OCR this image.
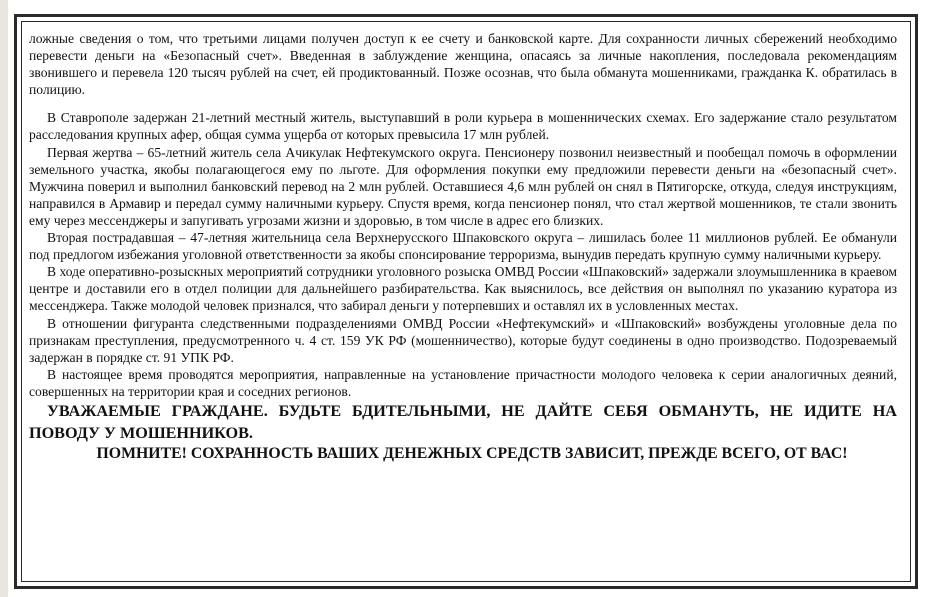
ложные сведения о том, что третьими лицами получен доступ к ее счету и банковской карте. Для сохранности личных сбережений необходимо перевести деньги на «Безопасный счет». Введенная в заблуждение женщина, опасаясь за личные накопления, последовала рекомендациям звонившего и перевела 120 тысяч рублей на счет, ей продиктованный. Позже осознав, что была обманута мошенниками, гражданка К. обратилась в полицию.

В Ставрополе задержан 21-летний местный житель, выступавший в роли курьера в мошеннических схемах. Его задержание стало результатом расследования крупных афер, общая сумма ущерба от которых превысила 17 млн рублей.

Первая жертва – 65-летний житель села Ачикулак Нефтекумского округа. Пенсионеру позвонил неизвестный и пообещал помочь в оформлении земельного участка, якобы полагающегося ему по льготе. Для оформления покупки ему предложили перевести деньги на «безопасный счет». Мужчина поверил и выполнил банковский перевод на 2 млн рублей. Оставшиеся 4,6 млн рублей он снял в Пятигорске, откуда, следуя инструкциям, направился в Армавир и передал сумму наличными курьеру. Спустя время, когда пенсионер понял, что стал жертвой мошенников, те стали звонить ему через мессенджеры и запугивать угрозами жизни и здоровью, в том числе в адрес его близких.

Вторая пострадавшая – 47-летняя жительница села Верхнерусского Шпаковского округа – лишилась более 11 миллионов рублей. Ее обманули под предлогом избежания уголовной ответственности за якобы спонсирование терроризма, вынудив передать крупную сумму наличными курьеру.

В ходе оперативно-розыскных мероприятий сотрудники уголовного розыска ОМВД России «Шпаковский» задержали злоумышленника в краевом центре и доставили его в отдел полиции для дальнейшего разбирательства. Как выяснилось, все действия он выполнял по указанию куратора из мессенджера. Также молодой человек признался, что забирал деньги у потерпевших и оставлял их в условленных местах.

В отношении фигуранта следственными подразделениями ОМВД России «Нефтекумский» и «Шпаковский» возбуждены уголовные дела по признакам преступления, предусмотренного ч. 4 ст. 159 УК РФ (мошенничество), которые будут соединены в одно производство. Подозреваемый задержан в порядке ст. 91 УПК РФ.

В настоящее время проводятся мероприятия, направленные на установление причастности молодого человека к серии аналогичных деяний, совершенных на территории края и соседних регионов.

УВАЖАЕМЫЕ ГРАЖДАНЕ. БУДЬТЕ БДИТЕЛЬНЫМИ, НЕ ДАЙТЕ СЕБЯ ОБМАНУТЬ, НЕ ИДИТЕ НА ПОВОДУ У МОШЕННИКОВ.

ПОМНИТЕ! СОХРАННОСТЬ ВАШИХ ДЕНЕЖНЫХ СРЕДСТВ ЗАВИСИТ, ПРЕЖДЕ ВСЕГО, ОТ ВАС!
